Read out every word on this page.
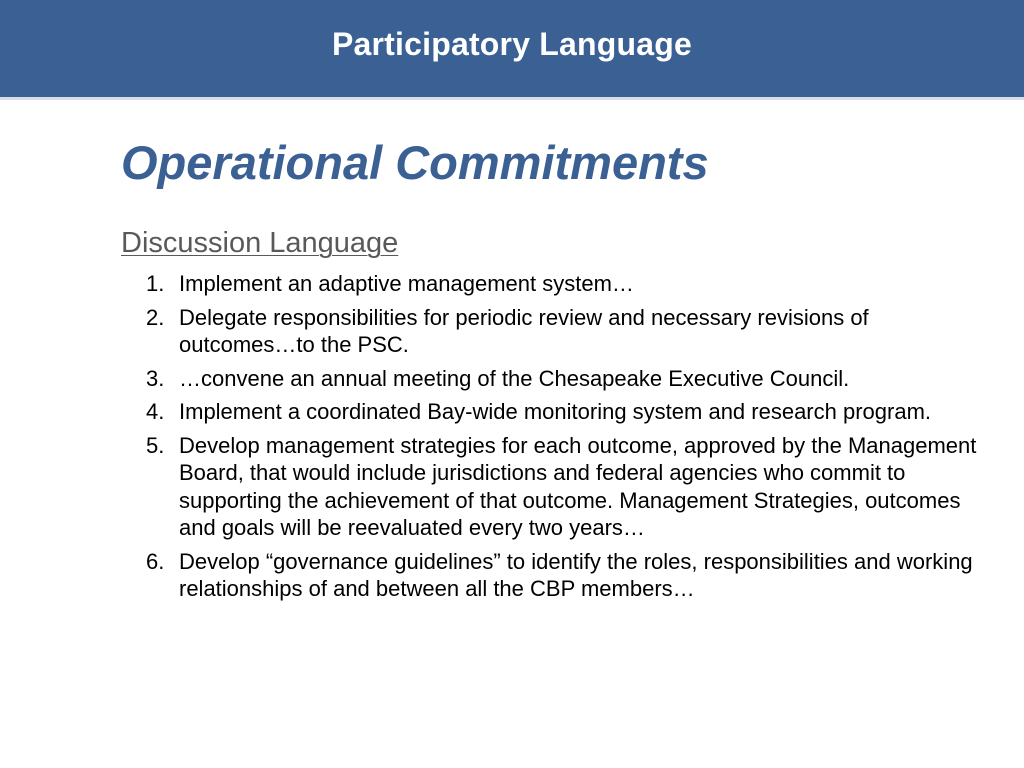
Participatory Language
Operational Commitments
Discussion Language
1. Implement an adaptive management system…
2. Delegate responsibilities for periodic review and necessary revisions of outcomes…to the PSC.
3. …convene an annual meeting of the Chesapeake Executive Council.
4. Implement a coordinated Bay-wide monitoring system and research program.
5. Develop management strategies for each outcome, approved by the Management Board, that would include jurisdictions and federal agencies who commit to supporting the achievement of that outcome. Management Strategies, outcomes and goals will be reevaluated every two years…
6. Develop “governance guidelines” to identify the roles, responsibilities and working relationships of and between all the CBP members…
